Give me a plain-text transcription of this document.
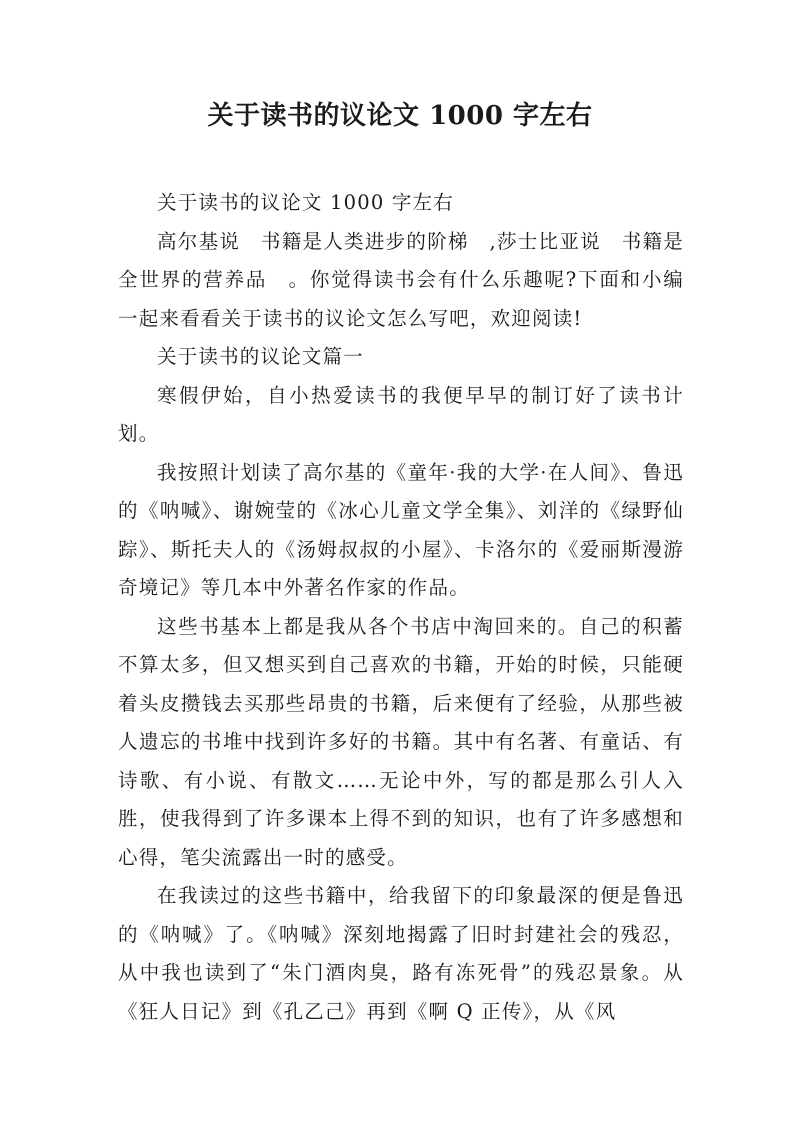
关于读书的议论文 1000 字左右

关于读书的议论文 1000 字左右

高尔基说　书籍是人类进步的阶梯　,莎士比亚说　书籍是全世界的营养品　。你觉得读书会有什么乐趣呢?下面和小编一起来看看关于读书的议论文怎么写吧，欢迎阅读!

关于读书的议论文篇一

寒假伊始，自小热爱读书的我便早早的制订好了读书计划。

我按照计划读了高尔基的《童年·我的大学·在人间》、鲁迅的《呐喊》、谢婉莹的《冰心儿童文学全集》、刘洋的《绿野仙踪》、斯托夫人的《汤姆叔叔的小屋》、卡洛尔的《爱丽斯漫游奇境记》等几本中外著名作家的作品。

这些书基本上都是我从各个书店中淘回来的。自己的积蓄不算太多，但又想买到自己喜欢的书籍，开始的时候，只能硬着头皮攒钱去买那些昂贵的书籍，后来便有了经验，从那些被人遗忘的书堆中找到许多好的书籍。其中有名著、有童话、有诗歌、有小说、有散文……无论中外，写的都是那么引人入胜，使我得到了许多课本上得不到的知识，也有了许多感想和心得，笔尖流露出一时的感受。

在我读过的这些书籍中，给我留下的印象最深的便是鲁迅的《呐喊》了。《呐喊》深刻地揭露了旧时封建社会的残忍，从中我也读到了“朱门酒肉臭，路有冻死骨”的残忍景象。从《狂人日记》到《孔乙己》再到《啊 Q 正传》，从《风
